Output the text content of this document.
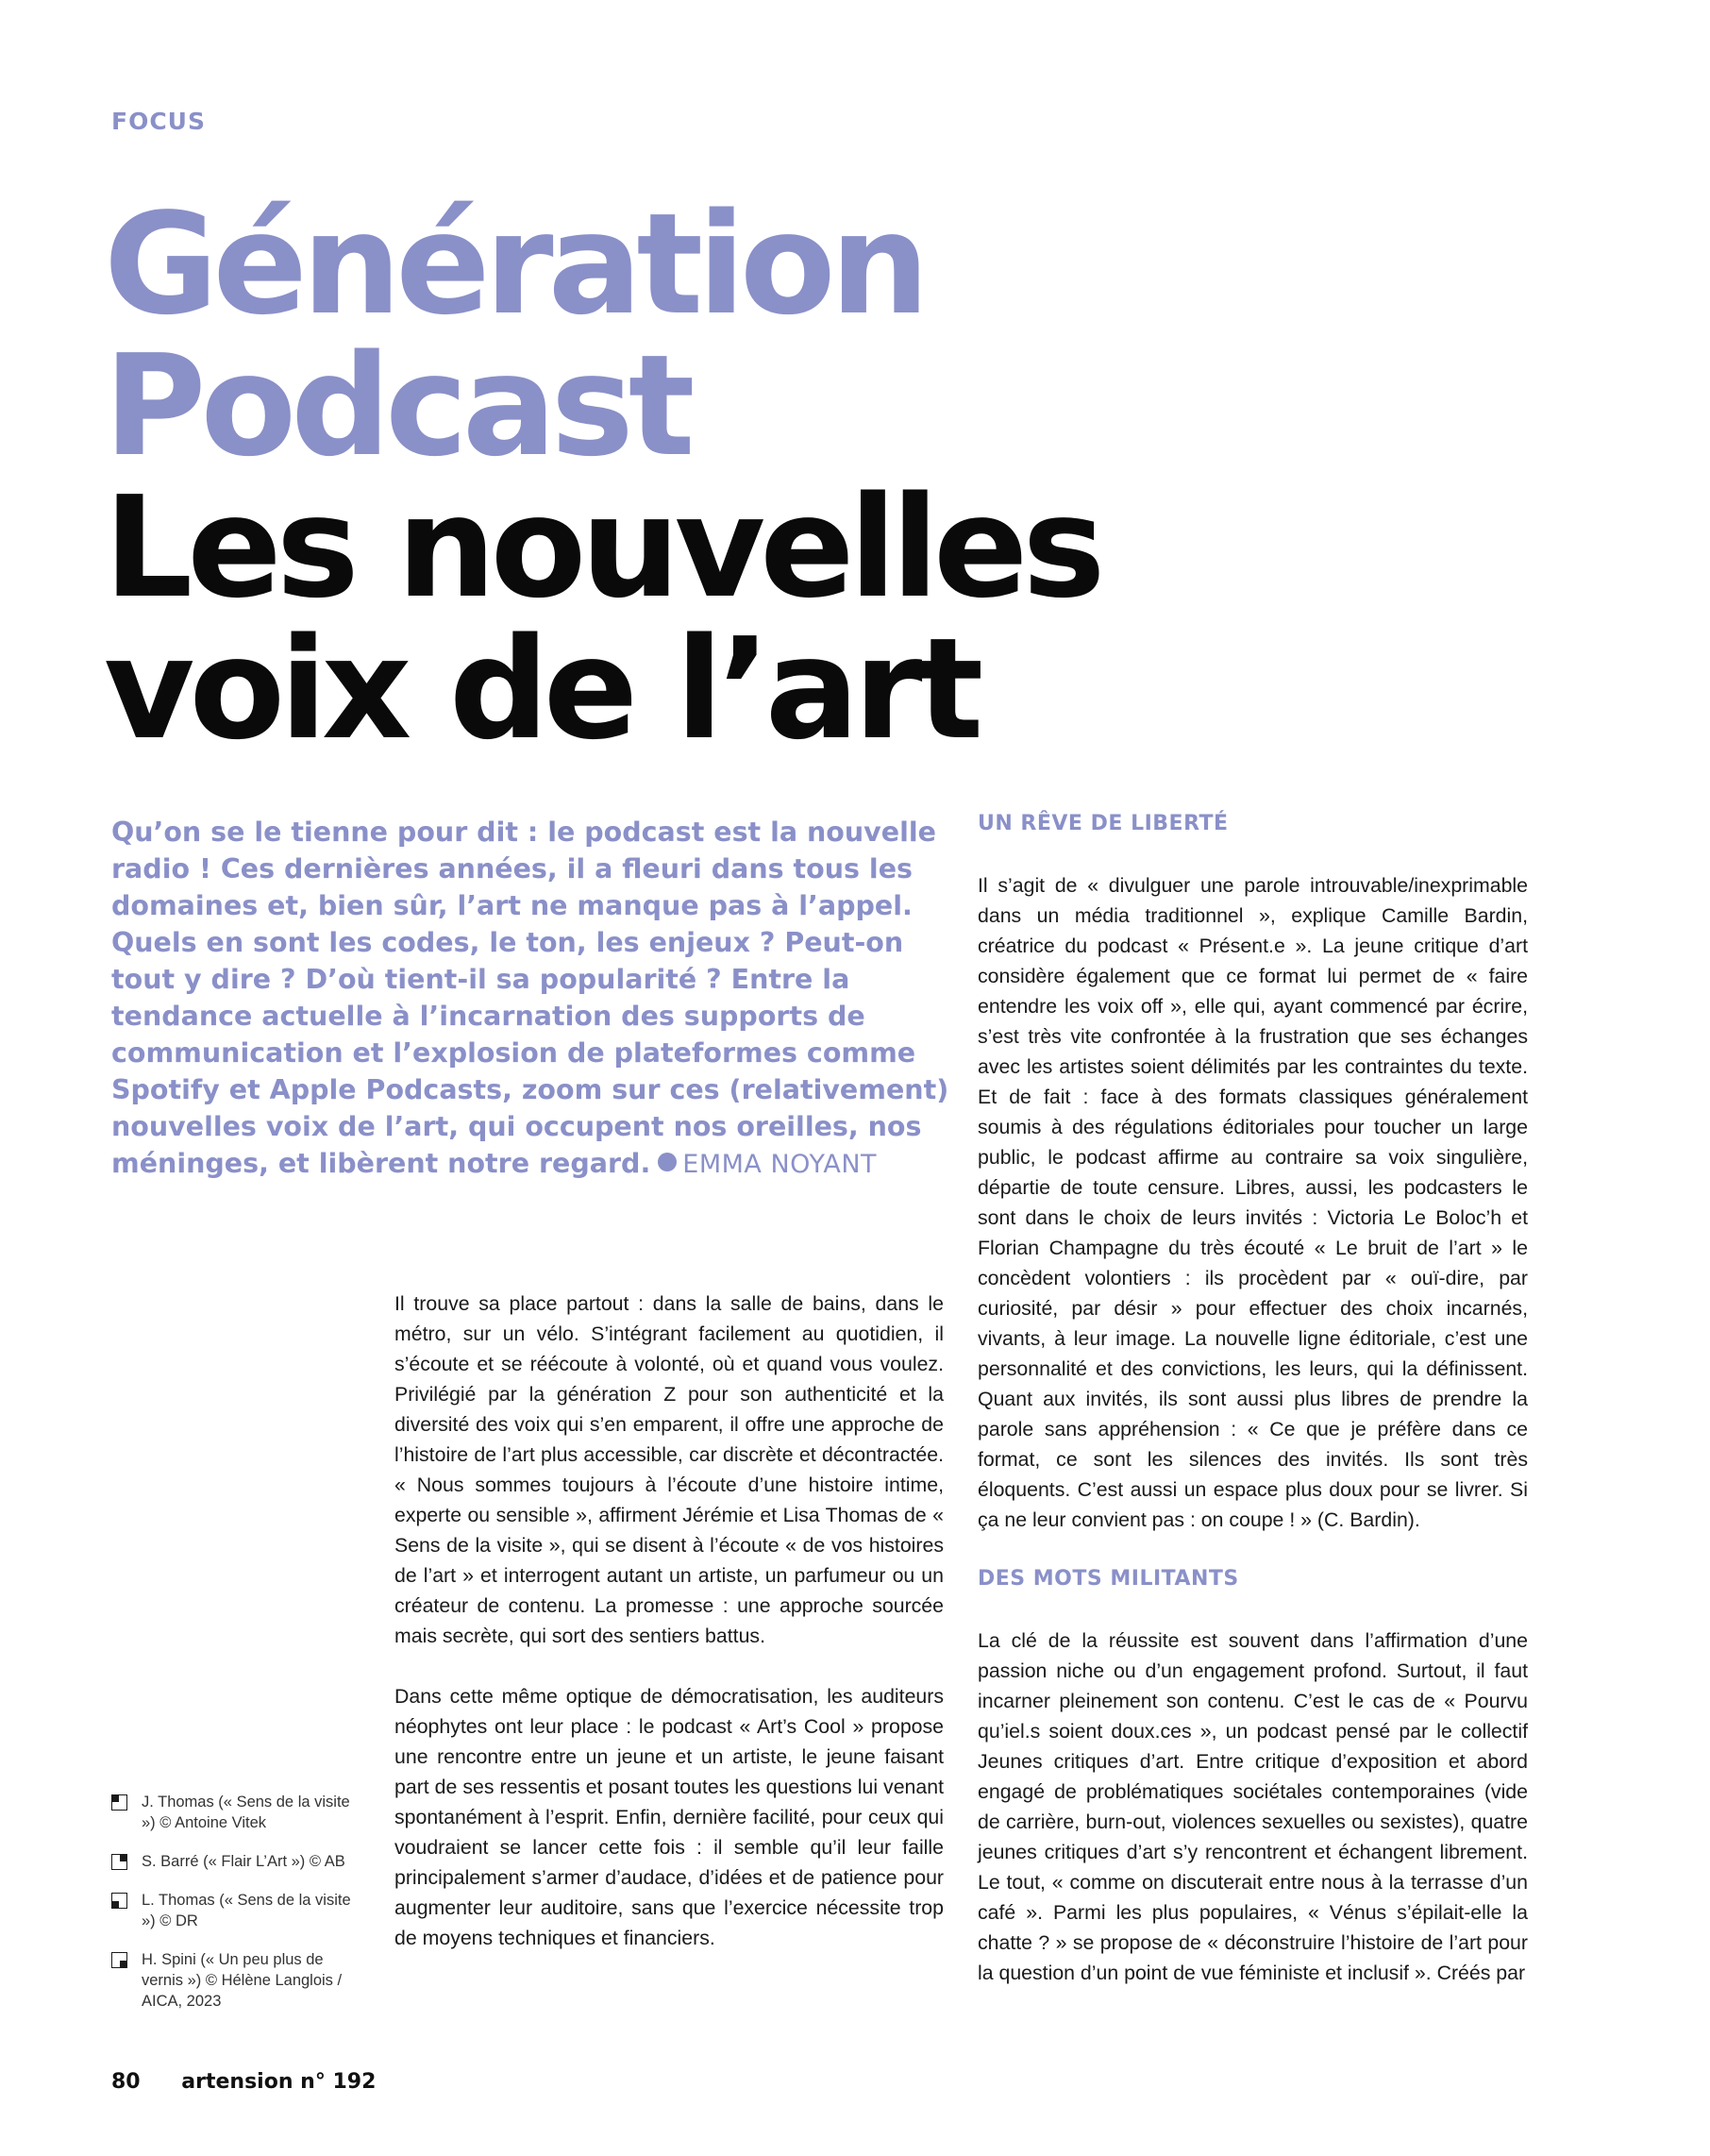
FOCUS
Génération
Podcast
Les nouvelles
voix de l’art
Qu’on se le tienne pour dit : le podcast est la nouvelle radio ! Ces dernières années, il a fleuri dans tous les domaines et, bien sûr, l’art ne manque pas à l’appel. Quels en sont les codes, le ton, les enjeux ? Peut-on tout y dire ? D’où tient-il sa popularité ? Entre la tendance actuelle à l’incarnation des supports de communication et l’explosion de plateformes comme Spotify et Apple Podcasts, zoom sur ces (relativement) nouvelles voix de l’art, qui occupent nos oreilles, nos méninges, et libèrent notre regard. EMMA NOYANT

Il trouve sa place partout : dans la salle de bains, dans le métro, sur un vélo. S’intégrant facilement au quotidien, il s’écoute et se réécoute à volonté, où et quand vous voulez. Privilégié par la génération Z pour son authenticité et la diversité des voix qui s’en emparent, il offre une approche de l’histoire de l’art plus accessible, car discrète et décontractée. « Nous sommes toujours à l’écoute d’une histoire intime, experte ou sensible », affirment Jérémie et Lisa Thomas de « Sens de la visite », qui se disent à l’écoute « de vos histoires de l’art » et interrogent autant un artiste, un parfumeur ou un créateur de contenu. La promesse : une approche sourcée mais secrète, qui sort des sentiers battus.

Dans cette même optique de démocratisation, les auditeurs néophytes ont leur place : le podcast « Art’s Cool » propose une rencontre entre un jeune et un artiste, le jeune faisant part de ses ressentis et posant toutes les questions lui venant spontanément à l’esprit. Enfin, dernière facilité, pour ceux qui voudraient se lancer cette fois : il semble qu’il leur faille principalement s’armer d’audace, d’idées et de patience pour augmenter leur auditoire, sans que l’exercice nécessite trop de moyens techniques et financiers.

UN RÊVE DE LIBERTÉ

Il s’agit de « divulguer une parole introuvable/inexprimable dans un média traditionnel », explique Camille Bardin, créatrice du podcast « Présent.e ». La jeune critique d’art considère également que ce format lui permet de « faire entendre les voix off », elle qui, ayant commencé par écrire, s’est très vite confrontée à la frustration que ses échanges avec les artistes soient délimités par les contraintes du texte. Et de fait : face à des formats classiques généralement soumis à des régulations éditoriales pour toucher un large public, le podcast affirme au contraire sa voix singulière, départie de toute censure. Libres, aussi, les podcasters le sont dans le choix de leurs invités : Victoria Le Boloc’h et Florian Champagne du très écouté « Le bruit de l’art » le concèdent volontiers : ils procèdent par « ouï-dire, par curiosité, par désir » pour effectuer des choix incarnés, vivants, à leur image. La nouvelle ligne éditoriale, c’est une personnalité et des convictions, les leurs, qui la définissent. Quant aux invités, ils sont aussi plus libres de prendre la parole sans appréhension : « Ce que je préfère dans ce format, ce sont les silences des invités. Ils sont très éloquents. C’est aussi un espace plus doux pour se livrer. Si ça ne leur convient pas : on coupe ! » (C. Bardin).

DES MOTS MILITANTS

La clé de la réussite est souvent dans l’affirmation d’une passion niche ou d’un engagement profond. Surtout, il faut incarner pleinement son contenu. C’est le cas de « Pourvu qu’iel.s soient doux.ces », un podcast pensé par le collectif Jeunes critiques d’art. Entre critique d’exposition et abord engagé de problématiques sociétales contemporaines (vide de carrière, burn-out, violences sexuelles ou sexistes), quatre jeunes critiques d’art s’y rencontrent et échangent librement. Le tout, « comme on discuterait entre nous à la terrasse d’un café ». Parmi les plus populaires, « Vénus s’épilait-elle la chatte ? » se propose de « déconstruire l’histoire de l’art pour la question d’un point de vue féministe et inclusif ». Créés par

J. Thomas (« Sens de la visite ») © Antoine Vitek
S. Barré (« Flair L’Art ») © AB
L. Thomas (« Sens de la visite ») © DR
H. Spini (« Un peu plus de vernis ») © Hélène Langlois / AICA, 2023
80 artension n° 192
